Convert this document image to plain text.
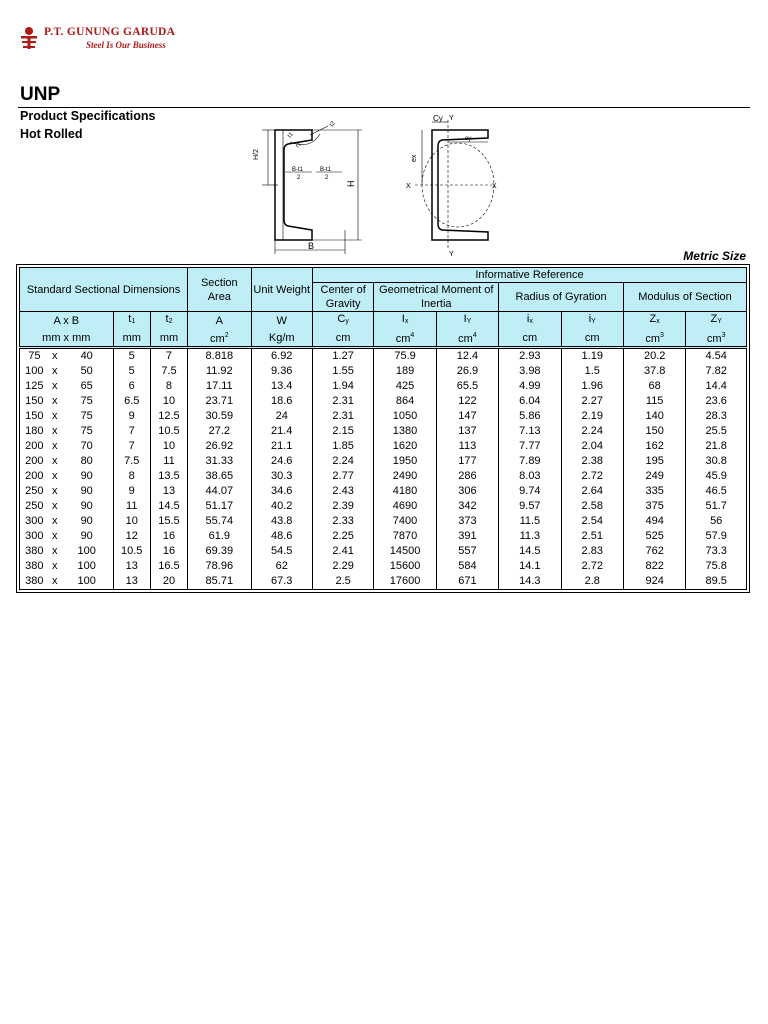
P.T. GUNUNG GARUDA
Steel Is Our Business
UNP
Product Specifications
Hot Rolled
H/2
H
B
B-t1	B-t1
2	2
r1
t2
t1
Cy Y
Y
X	X
ex
ey
Metric Size
Standard Sectional Dimensions					Section Area	Unit Weight	Informative Reference						
							Center of Gravity	Geometrical Moment of Inertia		Radius of Gyration		Modulus of Section	

A x B			t1	t2	A	W	Cy	Ix	IY	ix	iY	Zx	ZY
mm x mm			mm	mm	$cm^2$	Kg/m	cm	$cm^4$	$cm^4$	cm	cm	$cm^3$	$cm^3$
75	x	40	5	7	8.818	6.92	1.27	75.9	12.4	2.93	1.19	20.2	4.54
100	x	50	5	7.5	11.92	9.36	1.55	189	26.9	3.98	1.5	37.8	7.82
125	x	65	6	8	17.11	13.4	1.94	425	65.5	4.99	1.96	68	14.4
150	x	75	6.5	10	23.71	18.6	2.31	864	122	6.04	2.27	115	23.6
150	x	75	9	12.5	30.59	24	2.31	1050	147	5.86	2.19	140	28.3
180	x	75	7	10.5	27.2	21.4	2.15	1380	137	7.13	2.24	150	25.5
200	x	70	7	10	26.92	21.1	1.85	1620	113	7.77	2.04	162	21.8
200	x	80	7.5	11	31.33	24.6	2.24	1950	177	7.89	2.38	195	30.8
200	x	90	8	13.5	38.65	30.3	2.77	2490	286	8.03	2.72	249	45.9
250	x	90	9	13	44.07	34.6	2.43	4180	306	9.74	2.64	335	46.5
250	x	90	11	14.5	51.17	40.2	2.39	4690	342	9.57	2.58	375	51.7
300	x	90	10	15.5	55.74	43.8	2.33	7400	373	11.5	2.54	494	56
300	x	90	12	16	61.9	48.6	2.25	7870	391	11.3	2.51	525	57.9
380	x	100	10.5	16	69.39	54.5	2.41	14500	557	14.5	2.83	762	73.3
380	x	100	13	16.5	78.96	62	2.29	15600	584	14.1	2.72	822	75.8
380	x	100	13	20	85.71	67.3	2.5	17600	671	14.3	2.8	924	89.5
